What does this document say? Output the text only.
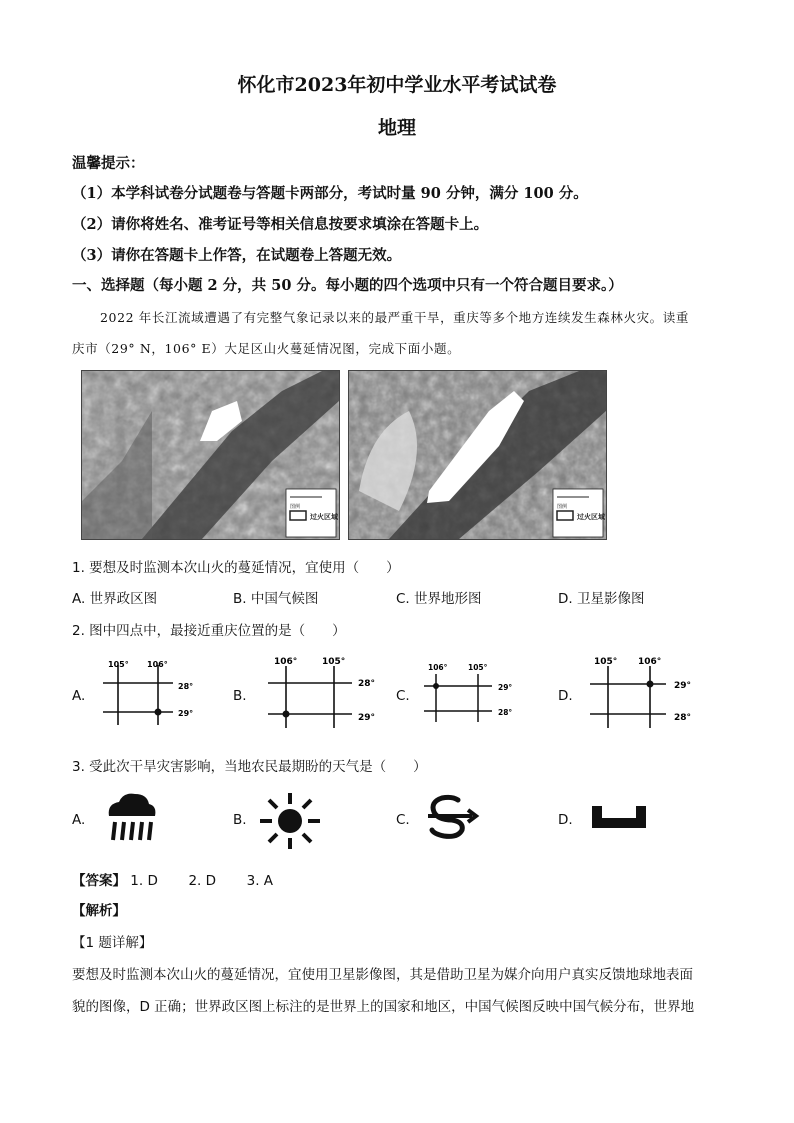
怀化市2023年初中学业水平考试试卷
地理
温馨提示：
（1）本学科试卷分试题卷与答题卡两部分，考试时量 90 分钟，满分 100 分。
（2）请你将姓名、准考证号等相关信息按要求填涂在答题卡上。
（3）请你在答题卡上作答，在试题卷上答题无效。
一、选择题（每小题 2 分，共 50 分。每小题的四个选项中只有一个符合题目要求。）
2022 年长江流域遭遇了有完整气象记录以来的最严重干旱，重庆等多个地方连续发生森林火灾。读重
庆市（29° N，106° E）大足区山火蔓延情况图，完成下面小题。
过火区域
图例
过火区域
图例
1. 要想及时监测本次山火的蔓延情况，宜使用（　　）
A. 世界政区图	B. 中国气候图	C. 世界地形图	D. 卫星影像图
2. 图中四点中，最接近重庆位置的是（　　）
A.
105° 106°
28°
29°
B.
106°	105°
28°
29°
C.
106°	105°
29°
28°
D.
105° 106°
29°
28°
3. 受此次干旱灾害影响，当地农民最期盼的天气是（　　）
A.	B.	C.	D.
【答案】 1. D 2. D 3. A
【解析】
【1 题详解】
要想及时监测本次山火的蔓延情况，宜使用卫星影像图，其是借助卫星为媒介向用户真实反馈地球地表面
貌的图像，D 正确；世界政区图上标注的是世界上的国家和地区，中国气候图反映中国气候分布，世界地
